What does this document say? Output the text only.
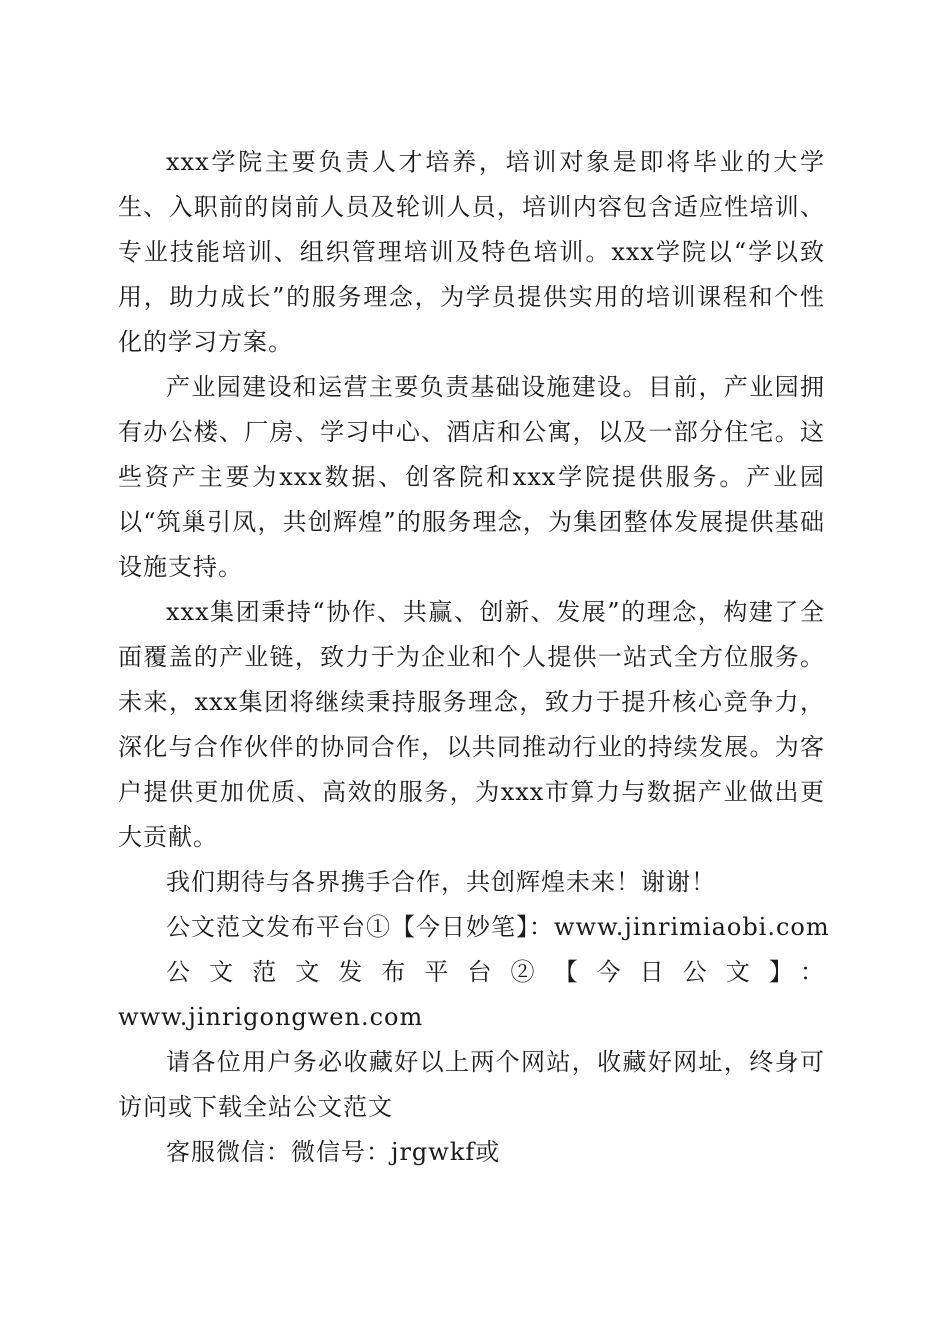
xxx学院主要负责人才培养，培训对象是即将毕业的大学生、入职前的岗前人员及轮训人员，培训内容包含适应性培训、专业技能培训、组织管理培训及特色培训。xxx学院以“学以致用，助力成长”的服务理念，为学员提供实用的培训课程和个性化的学习方案。

产业园建设和运营主要负责基础设施建设。目前，产业园拥有办公楼、厂房、学习中心、酒店和公寓，以及一部分住宅。这些资产主要为xxx数据、创客院和xxx学院提供服务。产业园以“筑巢引凤，共创辉煌”的服务理念，为集团整体发展提供基础设施支持。

xxx集团秉持“协作、共赢、创新、发展”的理念，构建了全面覆盖的产业链，致力于为企业和个人提供一站式全方位服务。未来，xxx集团将继续秉持服务理念，致力于提升核心竞争力，深化与合作伙伴的协同合作，以共同推动行业的持续发展。为客户提供更加优质、高效的服务，为xxx市算力与数据产业做出更大贡献。

我们期待与各界携手合作，共创辉煌未来！谢谢！

公文范文发布平台①【今日妙笔】：www.jinrimiaobi.com

公文范文发布平台②【今日公文】：

www.jinrigongwen.com

请各位用户务必收藏好以上两个网站，收藏好网址，终身可访问或下载全站公文范文

客服微信：微信号：jrgwkf或
